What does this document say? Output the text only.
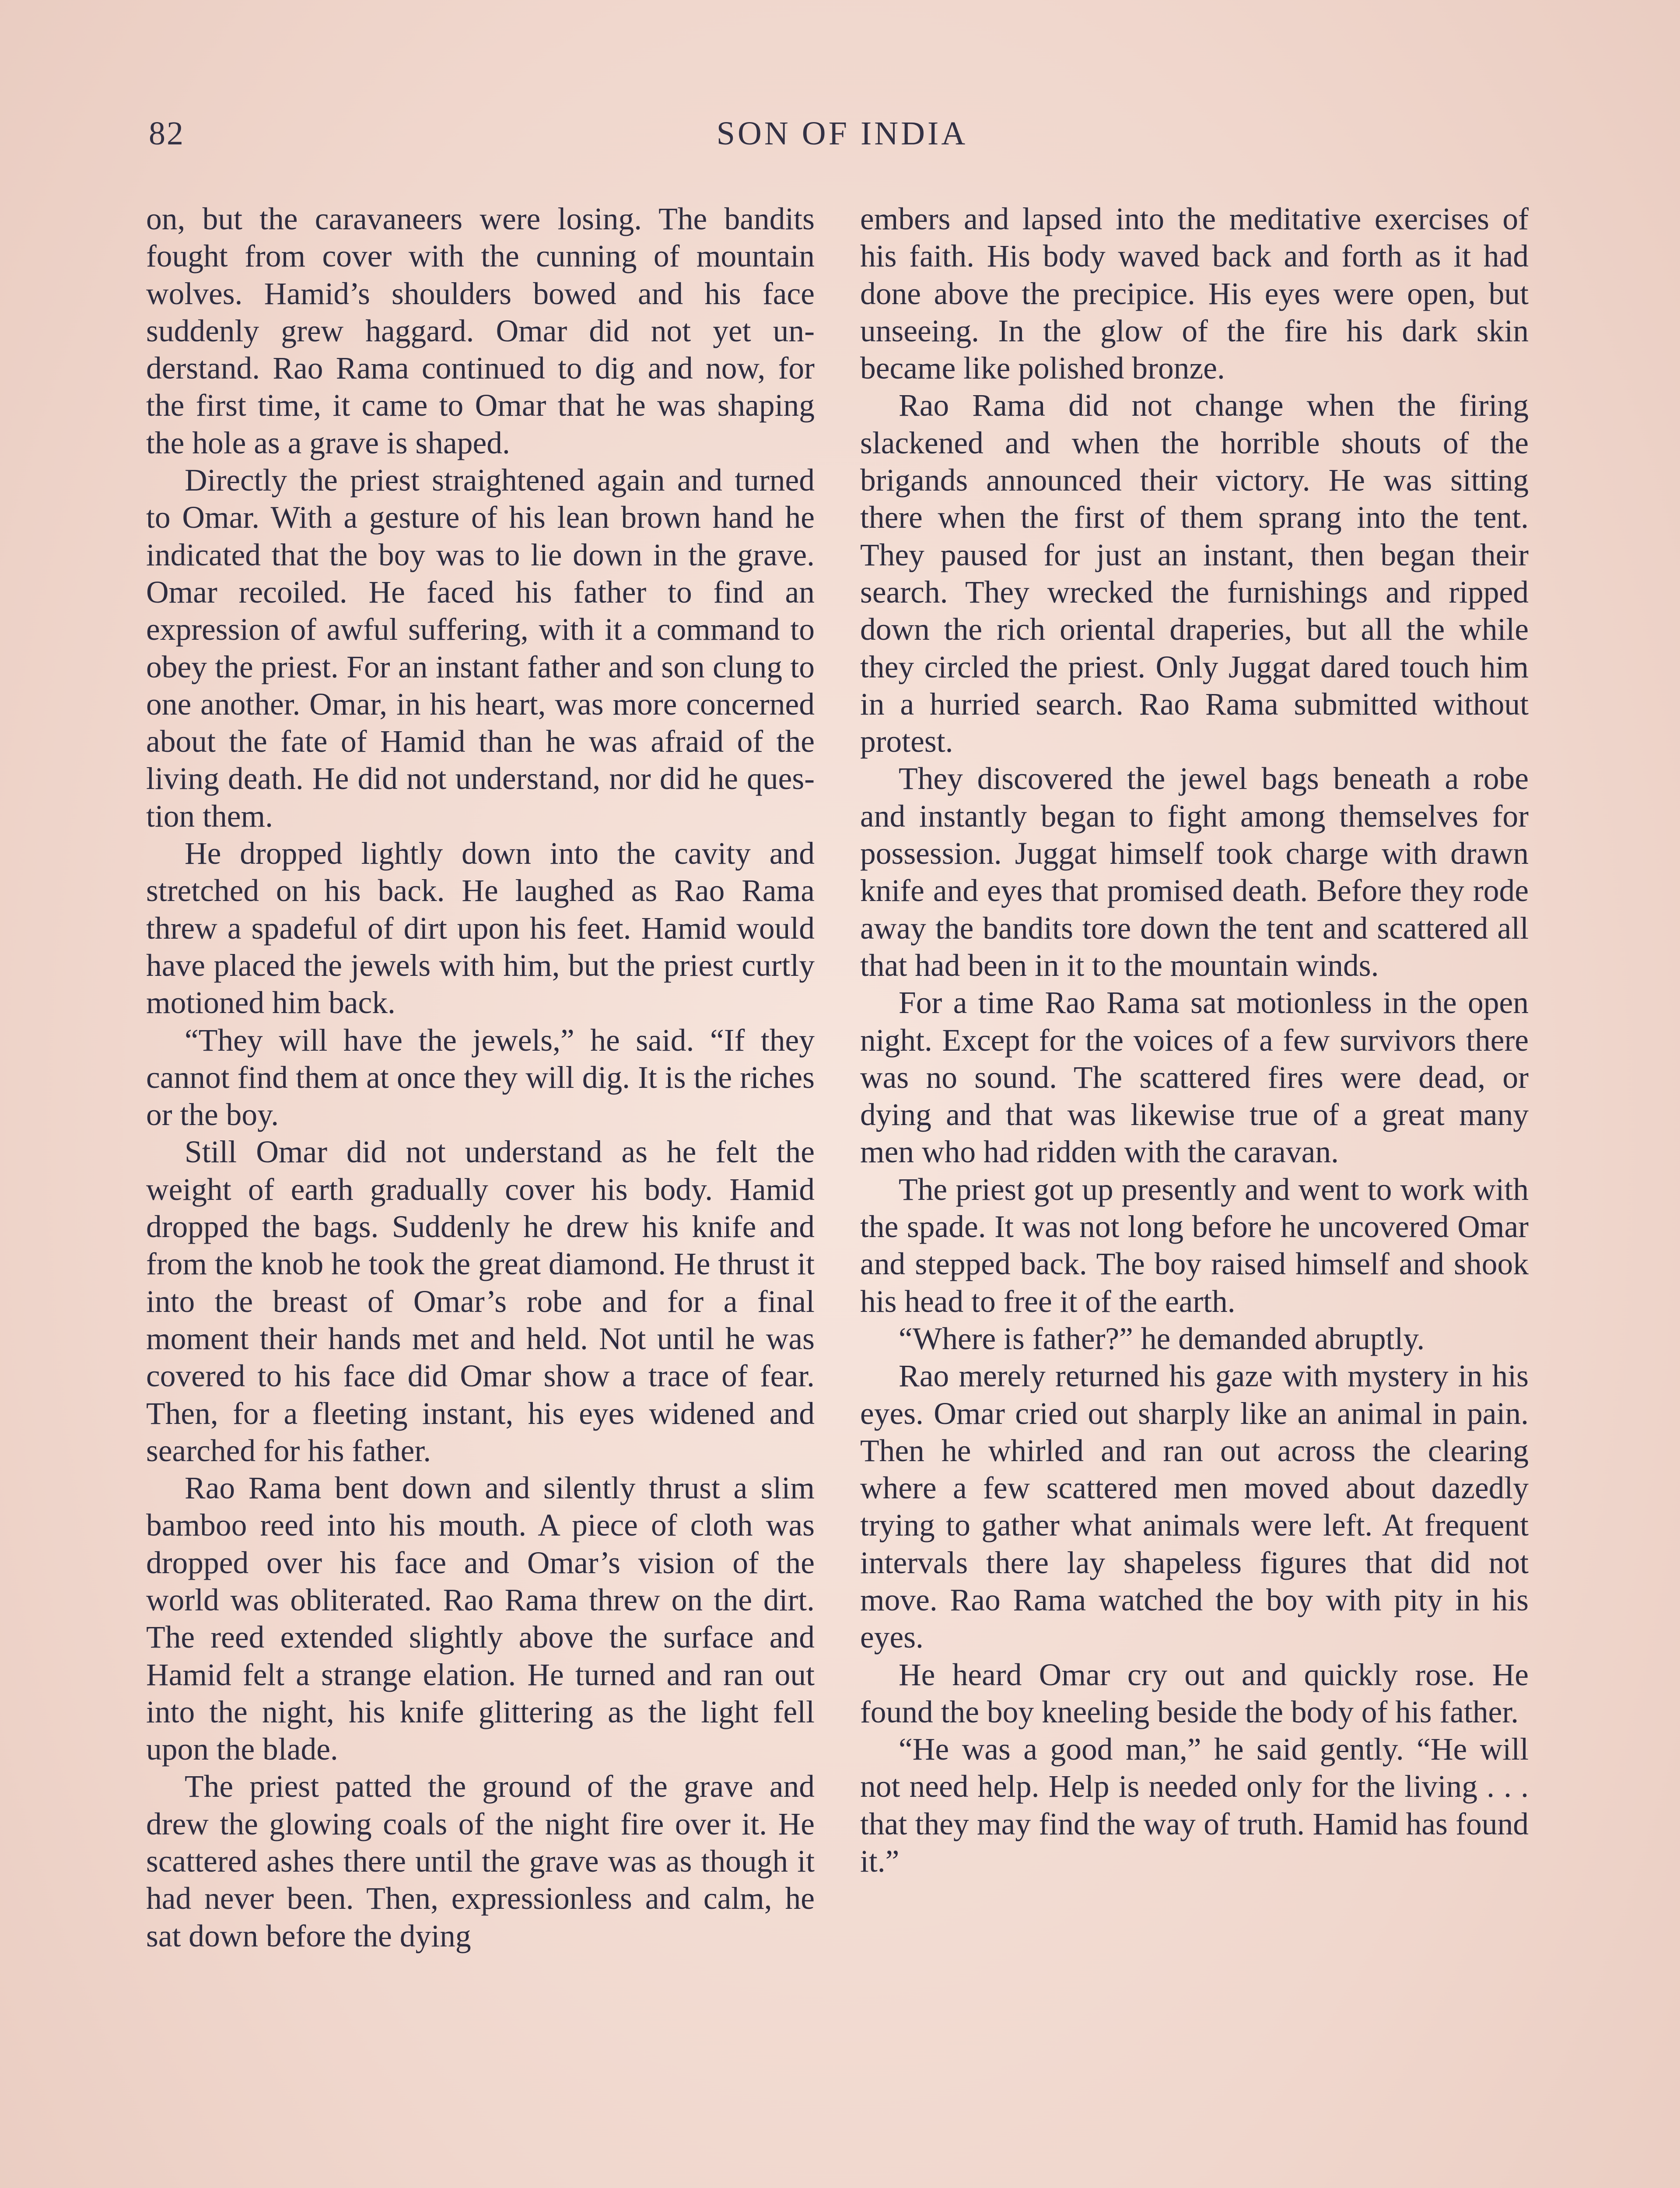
82	SON OF INDIA

on, but the caravaneers were losing. The bandits fought from cover with the cunning of mountain wolves. Hamid’s shoulders bowed and his face suddenly grew haggard. Omar did not yet understand. Rao Rama continued to dig and now, for the first time, it came to Omar that he was shaping the hole as a grave is shaped.

Directly the priest straightened again and turned to Omar. With a gesture of his lean brown hand he indicated that the boy was to lie down in the grave. Omar recoiled. He faced his father to find an expression of awful suffering, with it a command to obey the priest. For an instant father and son clung to one another. Omar, in his heart, was more concerned about the fate of Hamid than he was afraid of the living death. He did not understand, nor did he question them.

He dropped lightly down into the cavity and stretched on his back. He laughed as Rao Rama threw a spadeful of dirt upon his feet. Hamid would have placed the jewels with him, but the priest curtly motioned him back.

“They will have the jewels,” he said. “If they cannot find them at once they will dig. It is the riches or the boy.

Still Omar did not understand as he felt the weight of earth gradually cover his body. Hamid dropped the bags. Suddenly he drew his knife and from the knob he took the great diamond. He thrust it into the breast of Omar’s robe and for a final moment their hands met and held. Not until he was covered to his face did Omar show a trace of fear. Then, for a fleeting instant, his eyes widened and searched for his father.

Rao Rama bent down and silently thrust a slim bamboo reed into his mouth. A piece of cloth was dropped over his face and Omar’s vision of the world was obliterated. Rao Rama threw on the dirt. The reed extended slightly above the surface and Hamid felt a strange elation. He turned and ran out into the night, his knife glittering as the light fell upon the blade.

The priest patted the ground of the grave and drew the glowing coals of the night fire over it. He scattered ashes there until the grave was as though it had never been. Then, expressionless and calm, he sat down before the dying

embers and lapsed into the meditative exercises of his faith. His body waved back and forth as it had done above the precipice. His eyes were open, but unseeing. In the glow of the fire his dark skin became like polished bronze.

Rao Rama did not change when the firing slackened and when the horrible shouts of the brigands announced their victory. He was sitting there when the first of them sprang into the tent. They paused for just an instant, then began their search. They wrecked the furnishings and ripped down the rich oriental draperies, but all the while they circled the priest. Only Juggat dared touch him in a hurried search. Rao Rama submitted without protest.

They discovered the jewel bags beneath a robe and instantly began to fight among themselves for possession. Juggat himself took charge with drawn knife and eyes that promised death. Before they rode away the bandits tore down the tent and scattered all that had been in it to the mountain winds.

For a time Rao Rama sat motionless in the open night. Except for the voices of a few survivors there was no sound. The scattered fires were dead, or dying and that was likewise true of a great many men who had ridden with the caravan.

The priest got up presently and went to work with the spade. It was not long before he uncovered Omar and stepped back. The boy raised himself and shook his head to free it of the earth.

“Where is father?” he demanded abruptly.

Rao merely returned his gaze with mystery in his eyes. Omar cried out sharply like an animal in pain. Then he whirled and ran out across the clearing where a few scattered men moved about dazedly trying to gather what animals were left. At frequent intervals there lay shapeless figures that did not move. Rao Rama watched the boy with pity in his eyes.

He heard Omar cry out and quickly rose. He found the boy kneeling beside the body of his father.

“He was a good man,” he said gently. “He will not need help. Help is needed only for the living . . . that they may find the way of truth. Hamid has found it.”
